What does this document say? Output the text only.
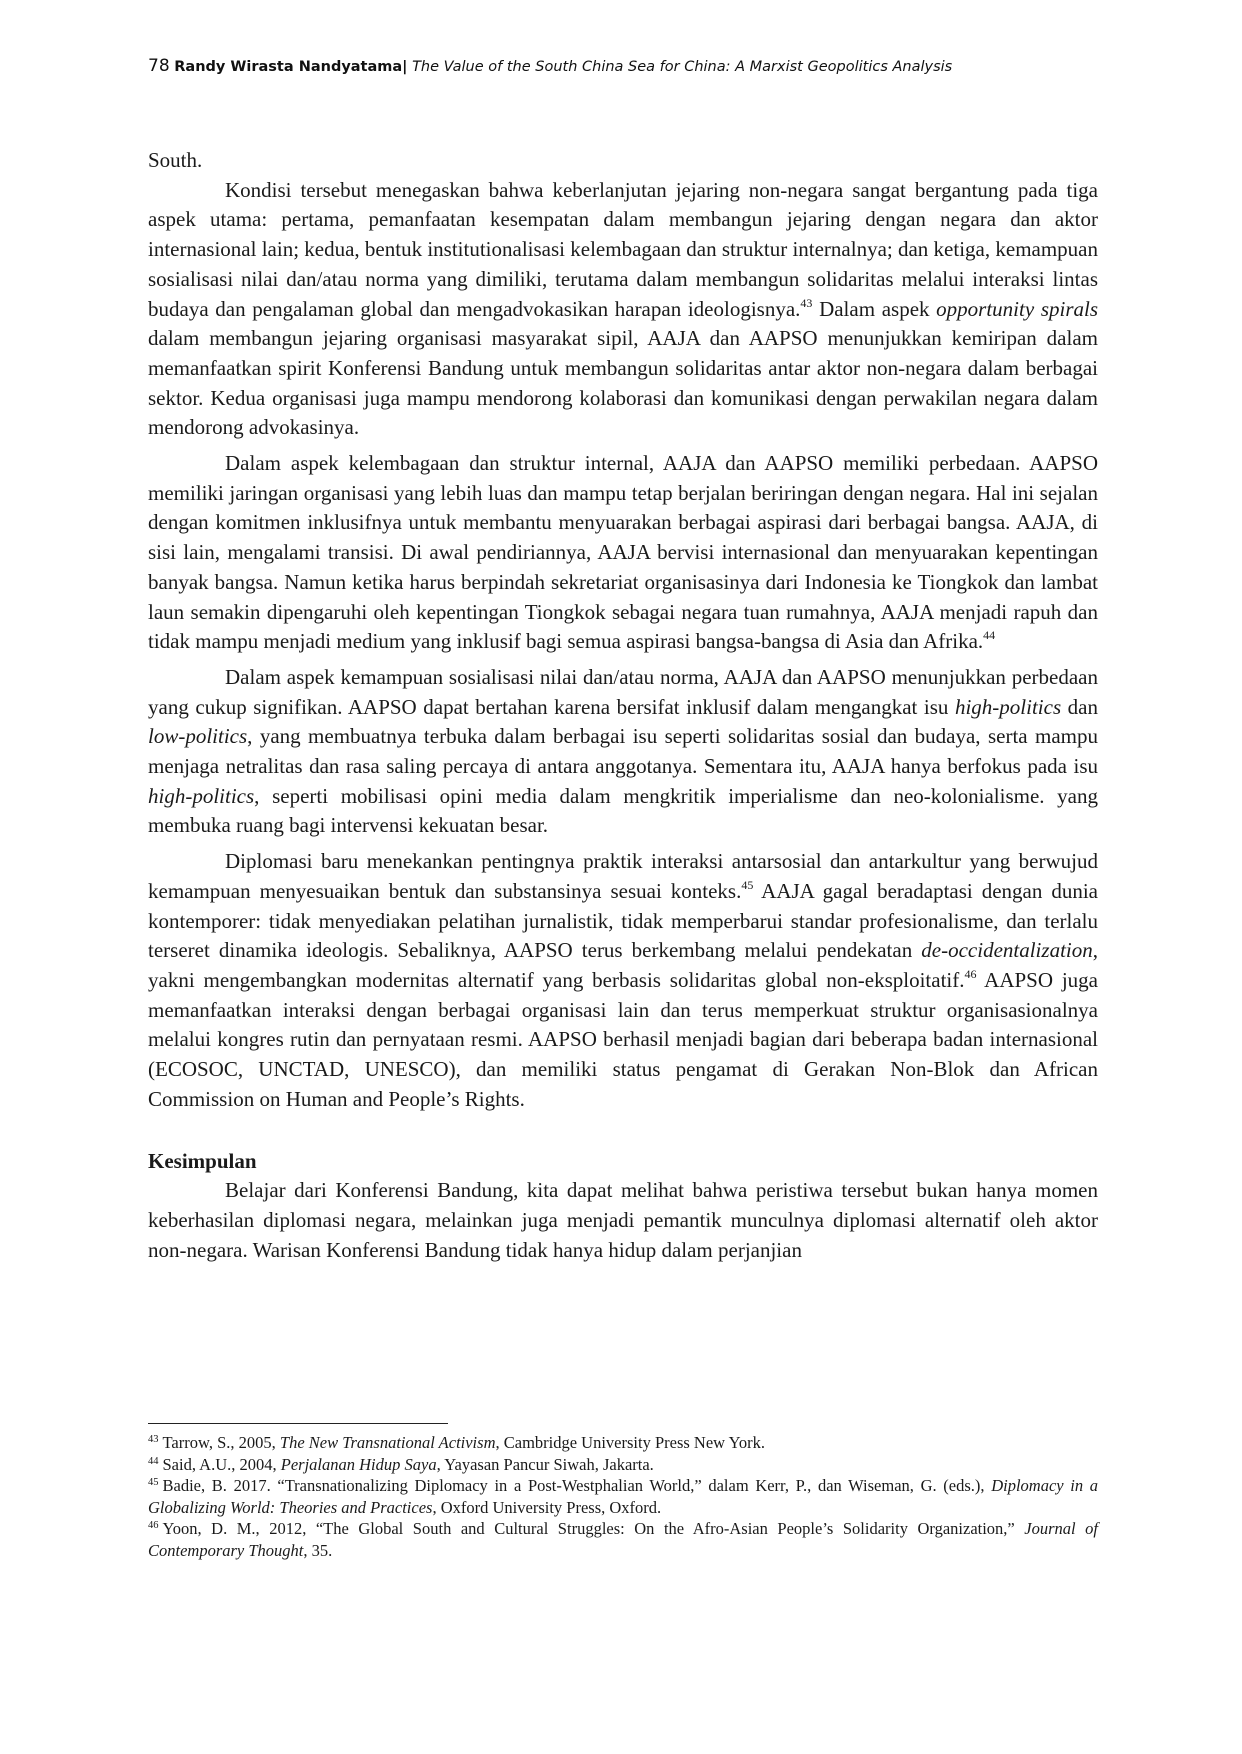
78 Randy Wirasta Nandyatama| The Value of the South China Sea for China: A Marxist Geopolitics Analysis

South.

Kondisi tersebut menegaskan bahwa keberlanjutan jejaring non-negara sangat bergantung pada tiga aspek utama: pertama, pemanfaatan kesempatan dalam membangun jejaring dengan negara dan aktor internasional lain; kedua, bentuk institutionalisasi kelembagaan dan struktur internalnya; dan ketiga, kemampuan sosialisasi nilai dan/atau norma yang dimiliki, terutama dalam membangun solidaritas melalui interaksi lintas budaya dan pengalaman global dan mengadvokasikan harapan ideologisnya.$^{43}$ Dalam aspek opportunity spirals dalam membangun jejaring organisasi masyarakat sipil, AAJA dan AAPSO menunjukkan kemiripan dalam memanfaatkan spirit Konferensi Bandung untuk membangun solidaritas antar aktor non-negara dalam berbagai sektor. Kedua organisasi juga mampu mendorong kolaborasi dan komunikasi dengan perwakilan negara dalam mendorong advokasinya.

Dalam aspek kelembagaan dan struktur internal, AAJA dan AAPSO memiliki perbedaan. AAPSO memiliki jaringan organisasi yang lebih luas dan mampu tetap berjalan beriringan dengan negara. Hal ini sejalan dengan komitmen inklusifnya untuk membantu menyuarakan berbagai aspirasi dari berbagai bangsa. AAJA, di sisi lain, mengalami transisi. Di awal pendiriannya, AAJA bervisi internasional dan menyuarakan kepentingan banyak bangsa. Namun ketika harus berpindah sekretariat organisasinya dari Indonesia ke Tiongkok dan lambat laun semakin dipengaruhi oleh kepentingan Tiongkok sebagai negara tuan rumahnya, AAJA menjadi rapuh dan tidak mampu menjadi medium yang inklusif bagi semua aspirasi bangsa-bangsa di Asia dan Afrika.$^{44}$

Dalam aspek kemampuan sosialisasi nilai dan/atau norma, AAJA dan AAPSO menunjukkan perbedaan yang cukup signifikan. AAPSO dapat bertahan karena bersifat inklusif dalam mengangkat isu high-politics dan low-politics, yang membuatnya terbuka dalam berbagai isu seperti solidaritas sosial dan budaya, serta mampu menjaga netralitas dan rasa saling percaya di antara anggotanya. Sementara itu, AAJA hanya berfokus pada isu high-politics, seperti mobilisasi opini media dalam mengkritik imperialisme dan neo-kolonialisme. yang membuka ruang bagi intervensi kekuatan besar.

Diplomasi baru menekankan pentingnya praktik interaksi antarsosial dan antarkultur yang berwujud kemampuan menyesuaikan bentuk dan substansinya sesuai konteks.$^{45}$ AAJA gagal beradaptasi dengan dunia kontemporer: tidak menyediakan pelatihan jurnalistik, tidak memperbarui standar profesionalisme, dan terlalu terseret dinamika ideologis. Sebaliknya, AAPSO terus berkembang melalui pendekatan de-occidentalization, yakni mengembangkan modernitas alternatif yang berbasis solidaritas global non-eksploitatif.$^{46}$ AAPSO juga memanfaatkan interaksi dengan berbagai organisasi lain dan terus memperkuat struktur organisasionalnya melalui kongres rutin dan pernyataan resmi. AAPSO berhasil menjadi bagian dari beberapa badan internasional (ECOSOC, UNCTAD, UNESCO), dan memiliki status pengamat di Gerakan Non-Blok dan African Commission on Human and People’s Rights.

Kesimpulan

Belajar dari Konferensi Bandung, kita dapat melihat bahwa peristiwa tersebut bukan hanya momen keberhasilan diplomasi negara, melainkan juga menjadi pemantik munculnya diplomasi alternatif oleh aktor non-negara. Warisan Konferensi Bandung tidak hanya hidup dalam perjanjian

$^{43}$ Tarrow, S., 2005, The New Transnational Activism, Cambridge University Press New York.

$^{44}$ Said, A.U., 2004, Perjalanan Hidup Saya, Yayasan Pancur Siwah, Jakarta.

$^{45}$ Badie, B. 2017. “Transnationalizing Diplomacy in a Post-Westphalian World,” dalam Kerr, P., dan Wiseman, G. (eds.), Diplomacy in a Globalizing World: Theories and Practices, Oxford University Press, Oxford.

$^{46}$ Yoon, D. M., 2012, “The Global South and Cultural Struggles: On the Afro-Asian People’s Solidarity Organization,” Journal of Contemporary Thought, 35.
